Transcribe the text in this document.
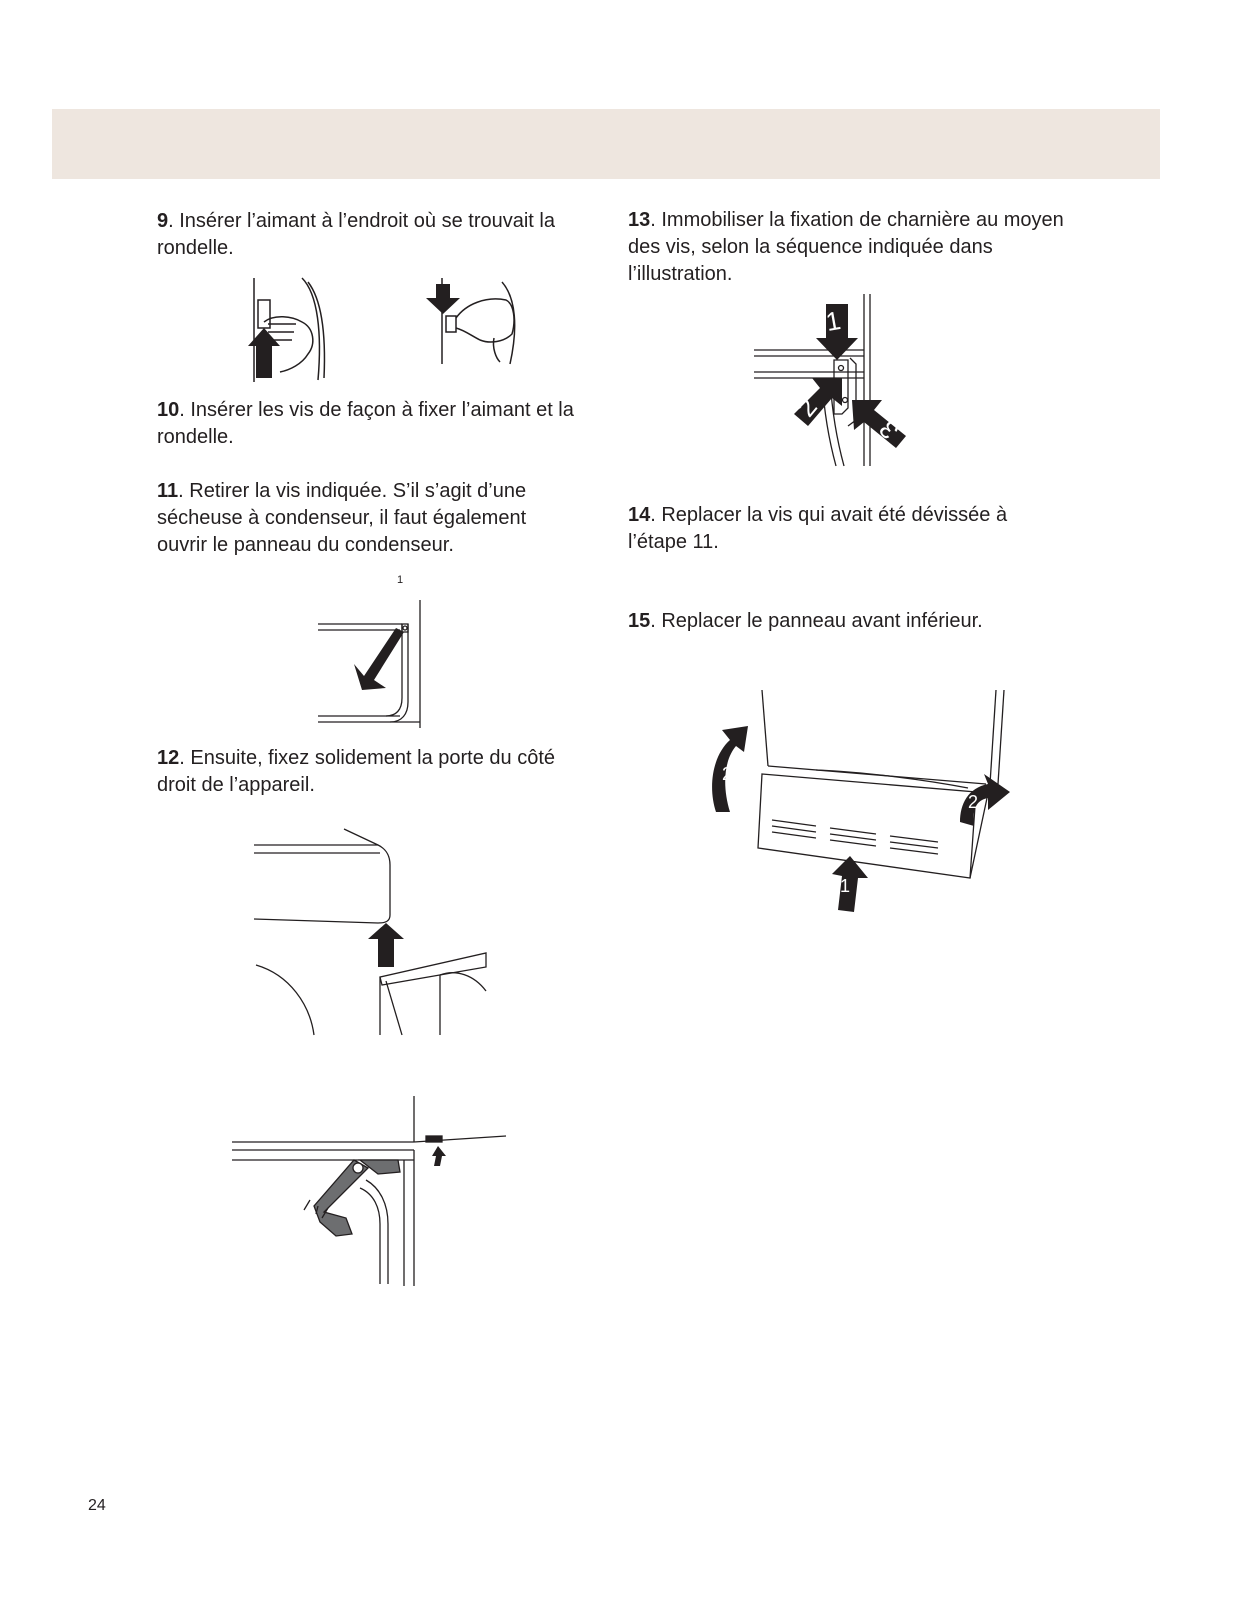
9. Insérer l’aimant à l’endroit où se trouvait la rondelle.
10. Insérer les vis de façon à fixer l’aimant et la rondelle.
11. Retirer la vis indiquée. S’il s’agit d’une sécheuse à condenseur, il faut également ouvrir le panneau du condenseur.
1
12. Ensuite, fixez solidement la porte du côté droit de l’appareil.
13. Immobiliser la fixation de charnière au moyen des vis, selon la séquence indiquée dans l’illustration.
1
2
3
14. Replacer la vis qui avait été dévissée à l’étape 11.
15. Replacer le panneau avant inférieur.
2
2
1
24
